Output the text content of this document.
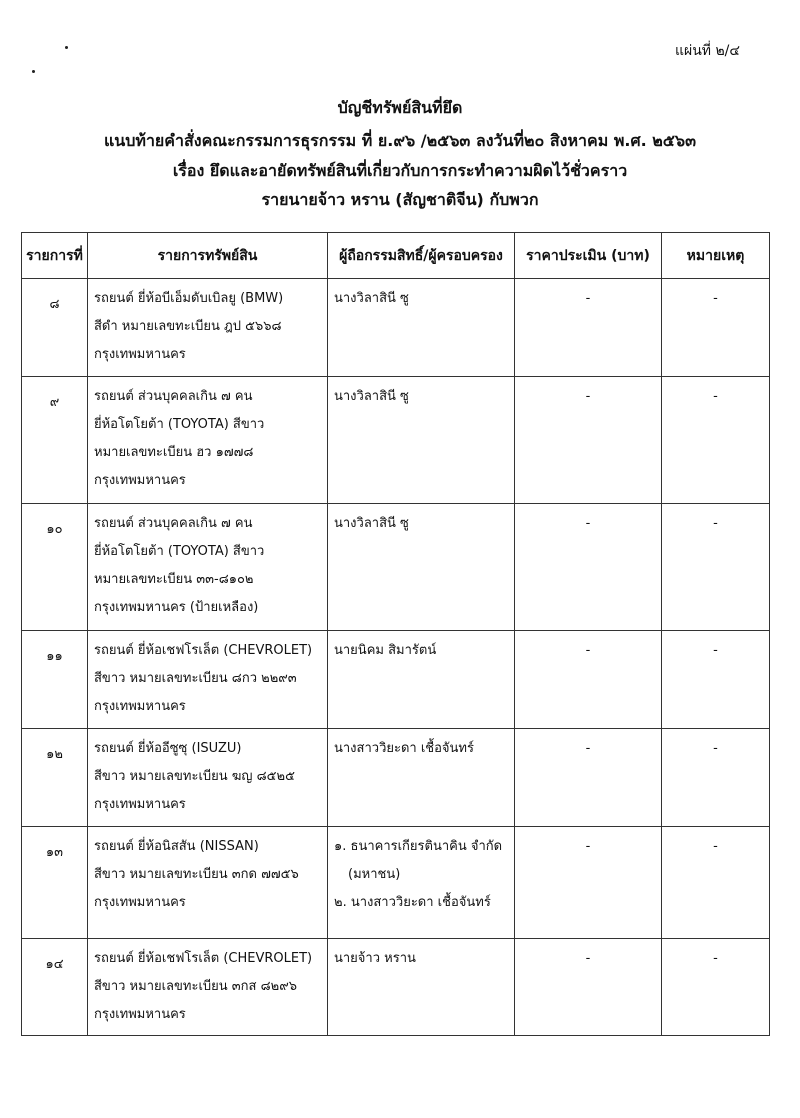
แผ่นที่ ๒/๔
บัญชีทรัพย์สินที่ยึด
แนบท้ายคำสั่งคณะกรรมการธุรกรรม ที่ ย.๙๖ /๒๕๖๓ ลงวันที่๒๐ สิงหาคม พ.ศ. ๒๕๖๓
เรื่อง ยึดและอายัดทรัพย์สินที่เกี่ยวกับการกระทำความผิดไว้ชั่วคราว
รายนายจ้าว หราน (สัญชาติจีน) กับพวก
รายการที่	รายการทรัพย์สิน	ผู้ถือกรรมสิทธิ์/ผู้ครอบครอง	ราคาประเมิน (บาท)	หมายเหตุ
๘	รถยนต์ ยี่ห้อบีเอ็มดับเบิลยู (BMW)
สีดำ หมายเลขทะเบียน ฎป ๕๖๖๘
กรุงเทพมหานคร	นางวิลาสินี ซู	-	-
๙	รถยนต์ ส่วนบุคคลเกิน ๗ คน
ยี่ห้อโตโยต้า (TOYOTA) สีขาว
หมายเลขทะเบียน ฮว ๑๗๗๘
กรุงเทพมหานคร	นางวิลาสินี ซู	-	-
๑๐	รถยนต์ ส่วนบุคคลเกิน ๗ คน
ยี่ห้อโตโยต้า (TOYOTA) สีขาว
หมายเลขทะเบียน ๓๓-๘๑๐๒
กรุงเทพมหานคร (ป้ายเหลือง)	นางวิลาสินี ซู	-	-
๑๑	รถยนต์ ยี่ห้อเชฟโรเล็ต (CHEVROLET)
สีขาว หมายเลขทะเบียน ๘กว ๒๒๙๓
กรุงเทพมหานคร	นายนิคม สิมารัตน์	-	-
๑๒	รถยนต์ ยี่ห้ออีซูซุ (ISUZU)
สีขาว หมายเลขทะเบียน ฆญ ๘๕๒๕
กรุงเทพมหานคร	นางสาววิยะดา เชื้อจันทร์	-	-
๑๓	รถยนต์ ยี่ห้อนิสสัน (NISSAN)
สีขาว หมายเลขทะเบียน ๓กด ๗๗๕๖
กรุงเทพมหานคร	๑. ธนาคารเกียรตินาคิน จำกัด
(มหาชน)
๒. นางสาววิยะดา เชื้อจันทร์	-	-
๑๔	รถยนต์ ยี่ห้อเชฟโรเล็ต (CHEVROLET)
สีขาว หมายเลขทะเบียน ๓กส ๘๒๙๖
กรุงเทพมหานคร	นายจ้าว หราน	-	-
